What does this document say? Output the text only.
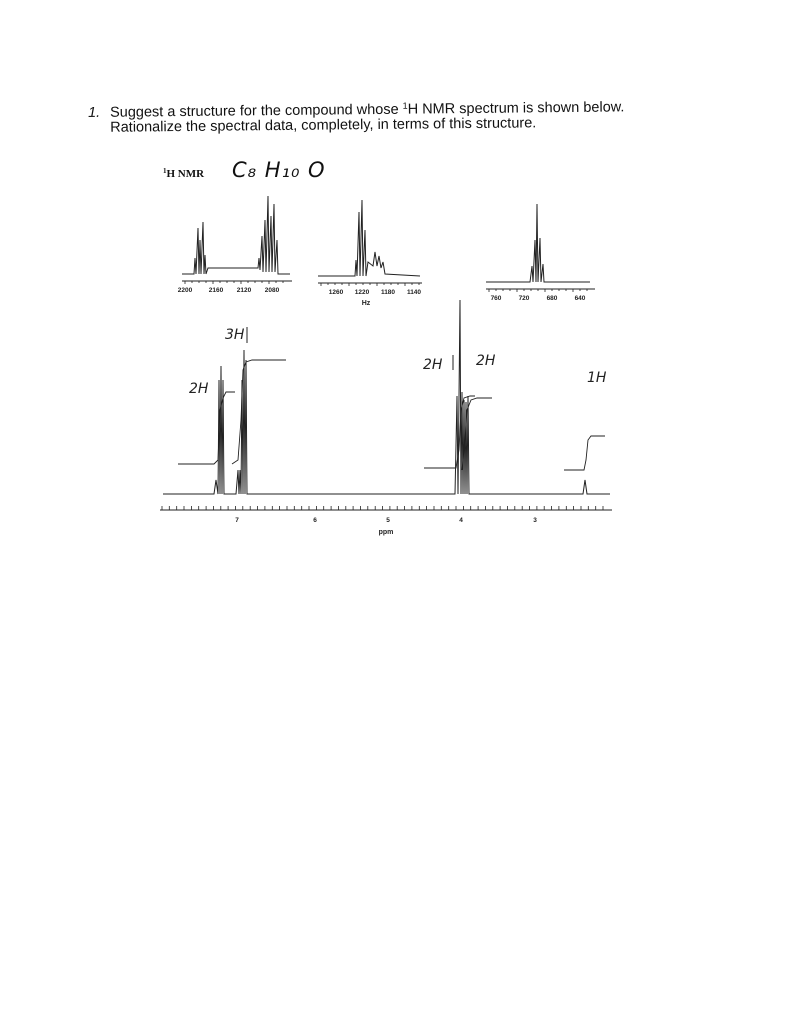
1. Suggest a structure for the compound whose $^1$H NMR spectrum is shown below.
Rationalize the spectral data, completely, in terms of this structure.
$^1$H NMR C₈ H₁₀ O
2200	2160 2120 2080	1260 1220 1180 1140
Hz
760	720	680	640
7	6	5	4	3
ppm
2H
3H
2H 2H
1H
